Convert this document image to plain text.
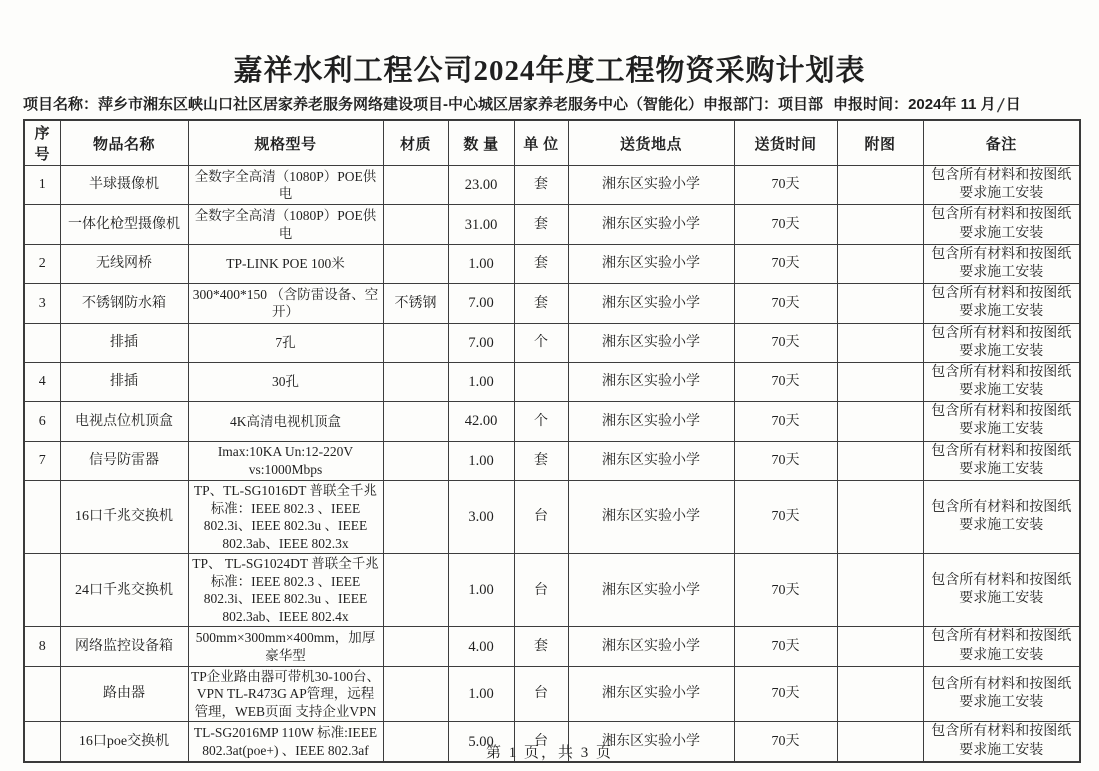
嘉祥水利工程公司2024年度工程物资采购计划表
项目名称：萍乡市湘东区峡山口社区居家养老服务网络建设项目-中心城区居家养老服务中心（智能化）申报部门：项目部 申报时间：2024年 11 月∕日
序号	物品名称	规格型号	材质	数 量	单 位	送货地点	送货时间	附图	备注
1	半球摄像机	全数字全高清（1080P）POE供电		23.00	套	湘东区实验小学	70天		包含所有材料和按图纸要求施工安装
	一体化枪型摄像机	全数字全高清（1080P）POE供电		31.00	套	湘东区实验小学	70天		包含所有材料和按图纸要求施工安装
2	无线网桥	TP-LINK POE 100米		1.00	套	湘东区实验小学	70天		包含所有材料和按图纸要求施工安装
3	不锈钢防水箱	300*400*150 （含防雷设备、空开）	不锈钢	7.00	套	湘东区实验小学	70天		包含所有材料和按图纸要求施工安装
	排插	7孔		7.00	个	湘东区实验小学	70天		包含所有材料和按图纸要求施工安装
4	排插	30孔		1.00		湘东区实验小学	70天		包含所有材料和按图纸要求施工安装
6	电视点位机顶盒	4K高清电视机顶盒		42.00	个	湘东区实验小学	70天		包含所有材料和按图纸要求施工安装
7	信号防雷器	Imax:10KA Un:12-220V vs:1000Mbps		1.00	套	湘东区实验小学	70天		包含所有材料和按图纸要求施工安装
	16口千兆交换机	TP、TL-SG1016DT 普联全千兆 标准：IEEE 802.3 、IEEE 802.3i、IEEE 802.3u 、IEEE 802.3ab、IEEE 802.3x		3.00	台	湘东区实验小学	70天		包含所有材料和按图纸要求施工安装
	24口千兆交换机	TP、 TL-SG1024DT 普联全千兆 标准：IEEE 802.3 、IEEE 802.3i、IEEE 802.3u 、IEEE 802.3ab、IEEE 802.4x		1.00	台	湘东区实验小学	70天		包含所有材料和按图纸要求施工安装
8	网络监控设备箱	500mm×300mm×400mm，加厚豪华型		4.00	套	湘东区实验小学	70天		包含所有材料和按图纸要求施工安装
	路由器	TP企业路由器可带机30-100台、VPN TL-R473G AP管理，远程管理，WEB页面 支持企业VPN		1.00	台	湘东区实验小学	70天		包含所有材料和按图纸要求施工安装
	16口poe交换机	TL-SG2016MP 110W 标准:IEEE 802.3at(poe+) 、IEEE 802.3af		5.00	台	湘东区实验小学	70天		包含所有材料和按图纸要求施工安装
第 1 页，共 3 页
